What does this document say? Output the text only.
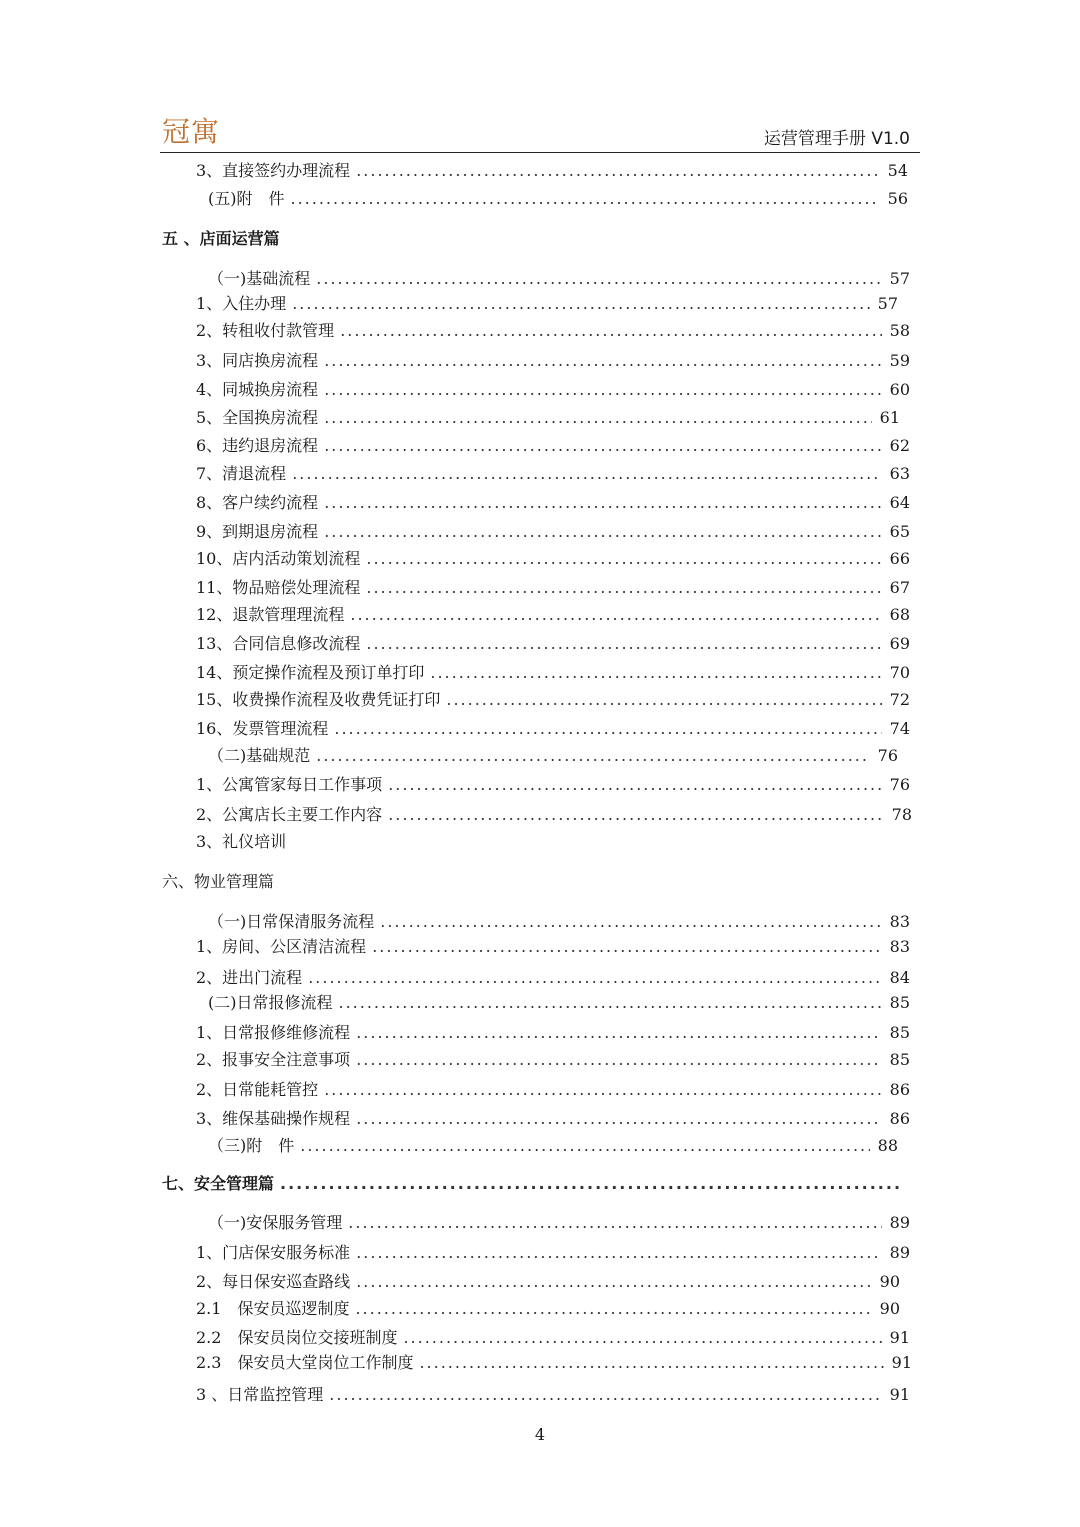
冠寓	运营管理手册 V1.0
3、直接签约办理流程 .....	54
(五)附　件 .....	56
五 、店面运营篇
（一)基础流程 .....	57
1、入住办理 .....	57
2、转租收付款管理 .....	58
3、同店换房流程 .....	59
4、同城换房流程 .....	60
5、全国换房流程 .....	61
6、违约退房流程 .....	62
7、清退流程 .....	63
8、客户续约流程 .....	64
9、到期退房流程 .....	65
10、店内活动策划流程 .....	66
11、物品赔偿处理流程 .....	67
12、退款管理理流程 .....	68
13、合同信息修改流程 .....	69
14、预定操作流程及预订单打印 .....	70
15、收费操作流程及收费凭证打印 .....	72
16、发票管理流程 .....	74
（二)基础规范 .....	76
1、公寓管家每日工作事项 .....	76
2、公寓店长主要工作内容 .....	78
3、礼仪培训
六、物业管理篇
（一)日常保清服务流程 .....	83
1、房间、公区清洁流程 .....	83
2、进出门流程 .....	84
(二)日常报修流程 .....	85
1、日常报修维修流程 .....	85
2、报事安全注意事项 .....	85
2、日常能耗管控 .....	86
3、维保基础操作规程 .....	86
（三)附　件 .....	88
七、安全管理篇
.....
（一)安保服务管理 .....	89
1、门店保安服务标准 .....	89
2、每日保安巡查路线 .....	90
2.1　保安员巡逻制度 .....	90
2.2　保安员岗位交接班制度 .....	91
2.3　保安员大堂岗位工作制度 .....	91
3 、日常监控管理 .....	91
4
